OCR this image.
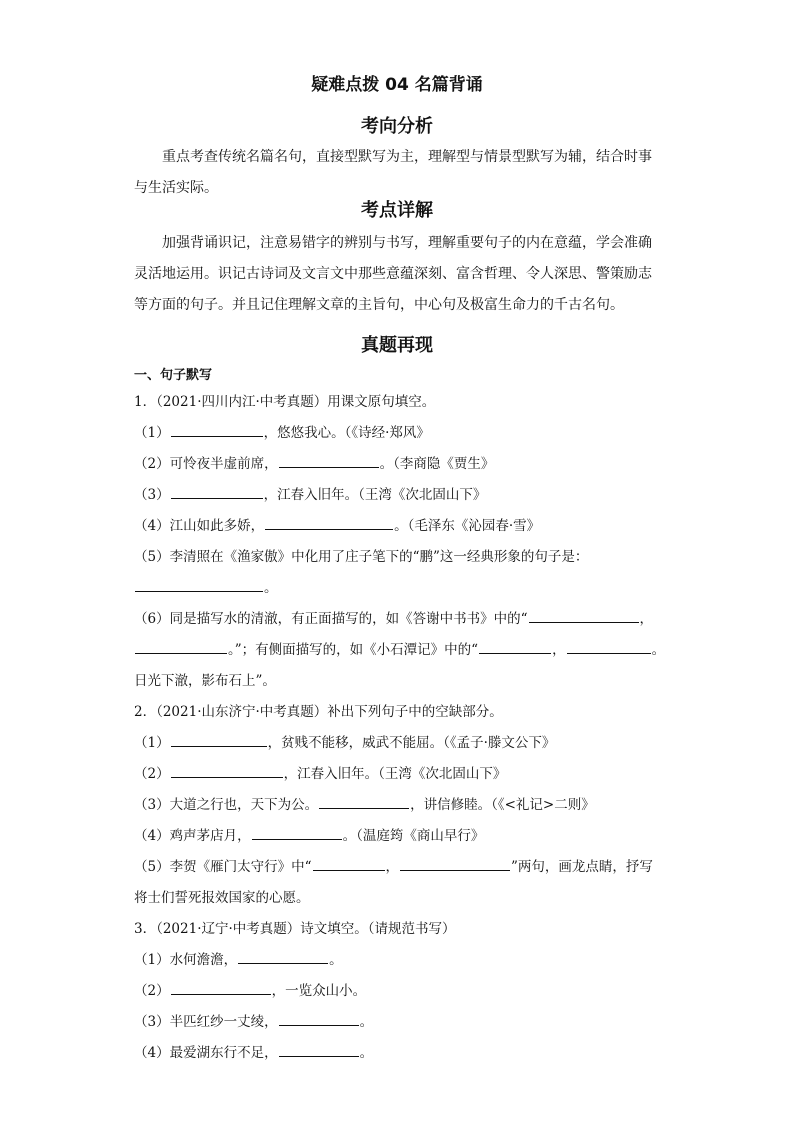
疑难点拨 04 名篇背诵
考向分析

重点考查传统名篇名句，直接型默写为主，理解型与情景型默写为辅，结合时事与生活实际。

考点详解

加强背诵识记，注意易错字的辨别与书写，理解重要句子的内在意蕴，学会准确灵活地运用。识记古诗词及文言文中那些意蕴深刻、富含哲理、令人深思、警策励志等方面的句子。并且记住理解文章的主旨句，中心句及极富生命力的千古名句。

真题再现
一、句子默写
1．（2021·四川内江·中考真题）用课文原句填空。
（1）	，悠悠我心。（《诗经·郑风》
（2）可怜夜半虚前席，	。（李商隐《贾生》
（3）	，江春入旧年。（王湾《次北固山下》
（4）江山如此多娇，	。（毛泽东《沁园春·雪》
（5）李清照在《渔家傲》中化用了庄子笔下的“鹏”这一经典形象的句子是：
。
（6）同是描写水的清澈，有正面描写的，如《答谢中书书》中的“	，
。”；有侧面描写的，如《小石潭记》中的“	，	。
日光下澈，影布石上”。
2．（2021·山东济宁·中考真题）补出下列句子中的空缺部分。
（1）	，贫贱不能移，威武不能屈。（《孟子·滕文公下》
（2）	，江春入旧年。（王湾《次北固山下》
（3）大道之行也，天下为公。	，讲信修睦。（《<礼记>二则》
（4）鸡声茅店月，	。（温庭筠《商山早行》
（5）李贺《雁门太守行》中“	，	”两句，画龙点睛，抒写
将士们誓死报效国家的心愿。
3．（2021·辽宁·中考真题）诗文填空。（请规范书写）
（1）水何澹澹，	。
（2）	，一览众山小。
（3）半匹红纱一丈绫，	。
（4）最爱湖东行不足，	。
